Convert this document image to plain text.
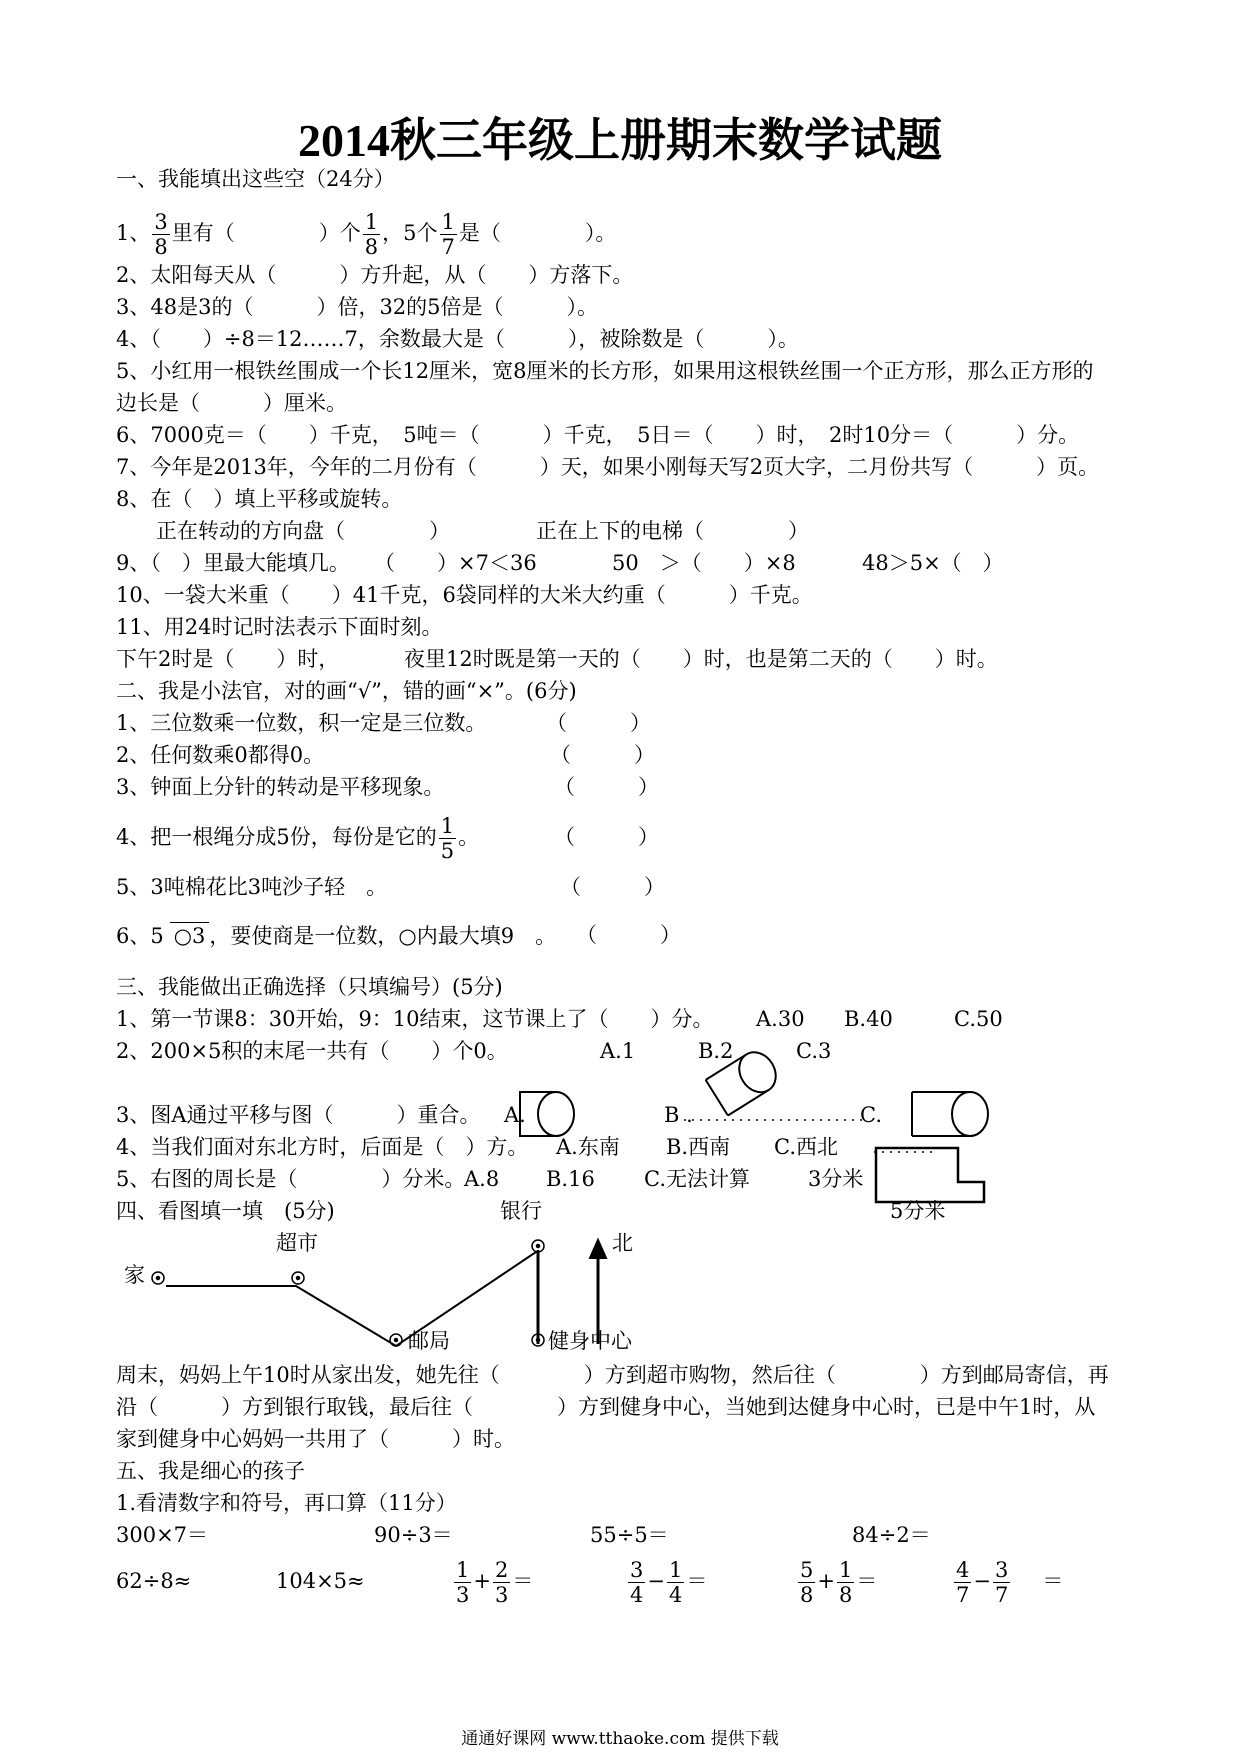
2014秋三年级上册期末数学试题
一、我能填出这些空（24分）
1、 $\frac{3}{8}$ 里有（　　　　）个 $\frac{1}{8}$ ，5个 $\frac{1}{7}$ 是（　　　　）。
2、太阳每天从（　　　）方升起，从（　　）方落下。
3、48是3的（　　　）倍，32的5倍是（　　　）。
4、（　　）÷8＝12……7，余数最大是（　　　），被除数是（　　　）。
5、小红用一根铁丝围成一个长12厘米，宽8厘米的长方形，如果用这根铁丝围一个正方形，那么正方形的
边长是（　　　）厘米。
6、7000克＝（　　）千克，　5吨＝（　　　）千克，　5日＝（　　）时，　2时10分＝（　　　）分。
7、今年是2013年，今年的二月份有（　　　）天，如果小刚每天写2页大字，二月份共写（　　　）页。
8、在（　）填上平移或旋转。
正在转动的方向盘（　　　　）	正在上下的电梯（　　　　）
9、（　）里最大能填几。 （　　）×7＜36	50　＞（　　）×8	48＞5×（　）
10、一袋大米重（　　）41千克，6袋同样的大米大约重（　　　）千克。
11、用24时记时法表示下面时刻。
下午2时是（　　）时，	夜里12时既是第一天的（　　）时，也是第二天的（　　）时。
二、我是小法官，对的画“√”，错的画“×”。(6分)
1、三位数乘一位数，积一定是三位数。	（　　　）
2、任何数乘0都得0。	（　　　）
3、钟面上分针的转动是平移现象。	（　　　）
4、把一根绳分成5份，每份是它的 $\frac{1}{5}$ 。	（　　　）
5、3吨棉花比3吨沙子轻　。	（　　　）
6、5 ○3 ，要使商是一位数，○内最大填9　。 （　　　）
三、我能做出正确选择（只填编号）(5分)
1、第一节课8：30开始，9：10结束，这节课上了（　　）分。 A.30 B.40	C.50
2、200×5积的末尾一共有（　　）个0。	A.1	B.2	C.3
3、图A通过平移与图（　　　）重合。 A.	B .	C.
4、当我们面对东北方时，后面是（　）方。 A.东南 B.西南 C.西北
5、右图的周长是（　　　　）分米。
A.8 B.16 C.无法计算	3分米
5分米
四、看图填一填　(5分)	银行
超市	北
家
邮局	健身中心
周末，妈妈上午10时从家出发，她先往（　　　　）方到超市购物，然后往（　　　　）方到邮局寄信，再
沿（　　　）方到银行取钱，最后往（　　　　）方到健身中心，当她到达健身中心时，已是中午1时，从
家到健身中心妈妈一共用了（　　　）时。
五、我是细心的孩子
1.看清数字和符号，再口算（11分）
300×7＝	90÷3＝	55÷5＝	84÷2＝
62÷8≈	104×5≈	$\frac{1}{3} + \frac{2}{3}$ ＝	$\frac{3}{4} - \frac{1}{4}$ ＝	$\frac{5}{8} + \frac{1}{8}$ ＝	$\frac{4}{7} - \frac{3}{7}$ ＝
通通好课网 www.tthaoke.com 提供下载
